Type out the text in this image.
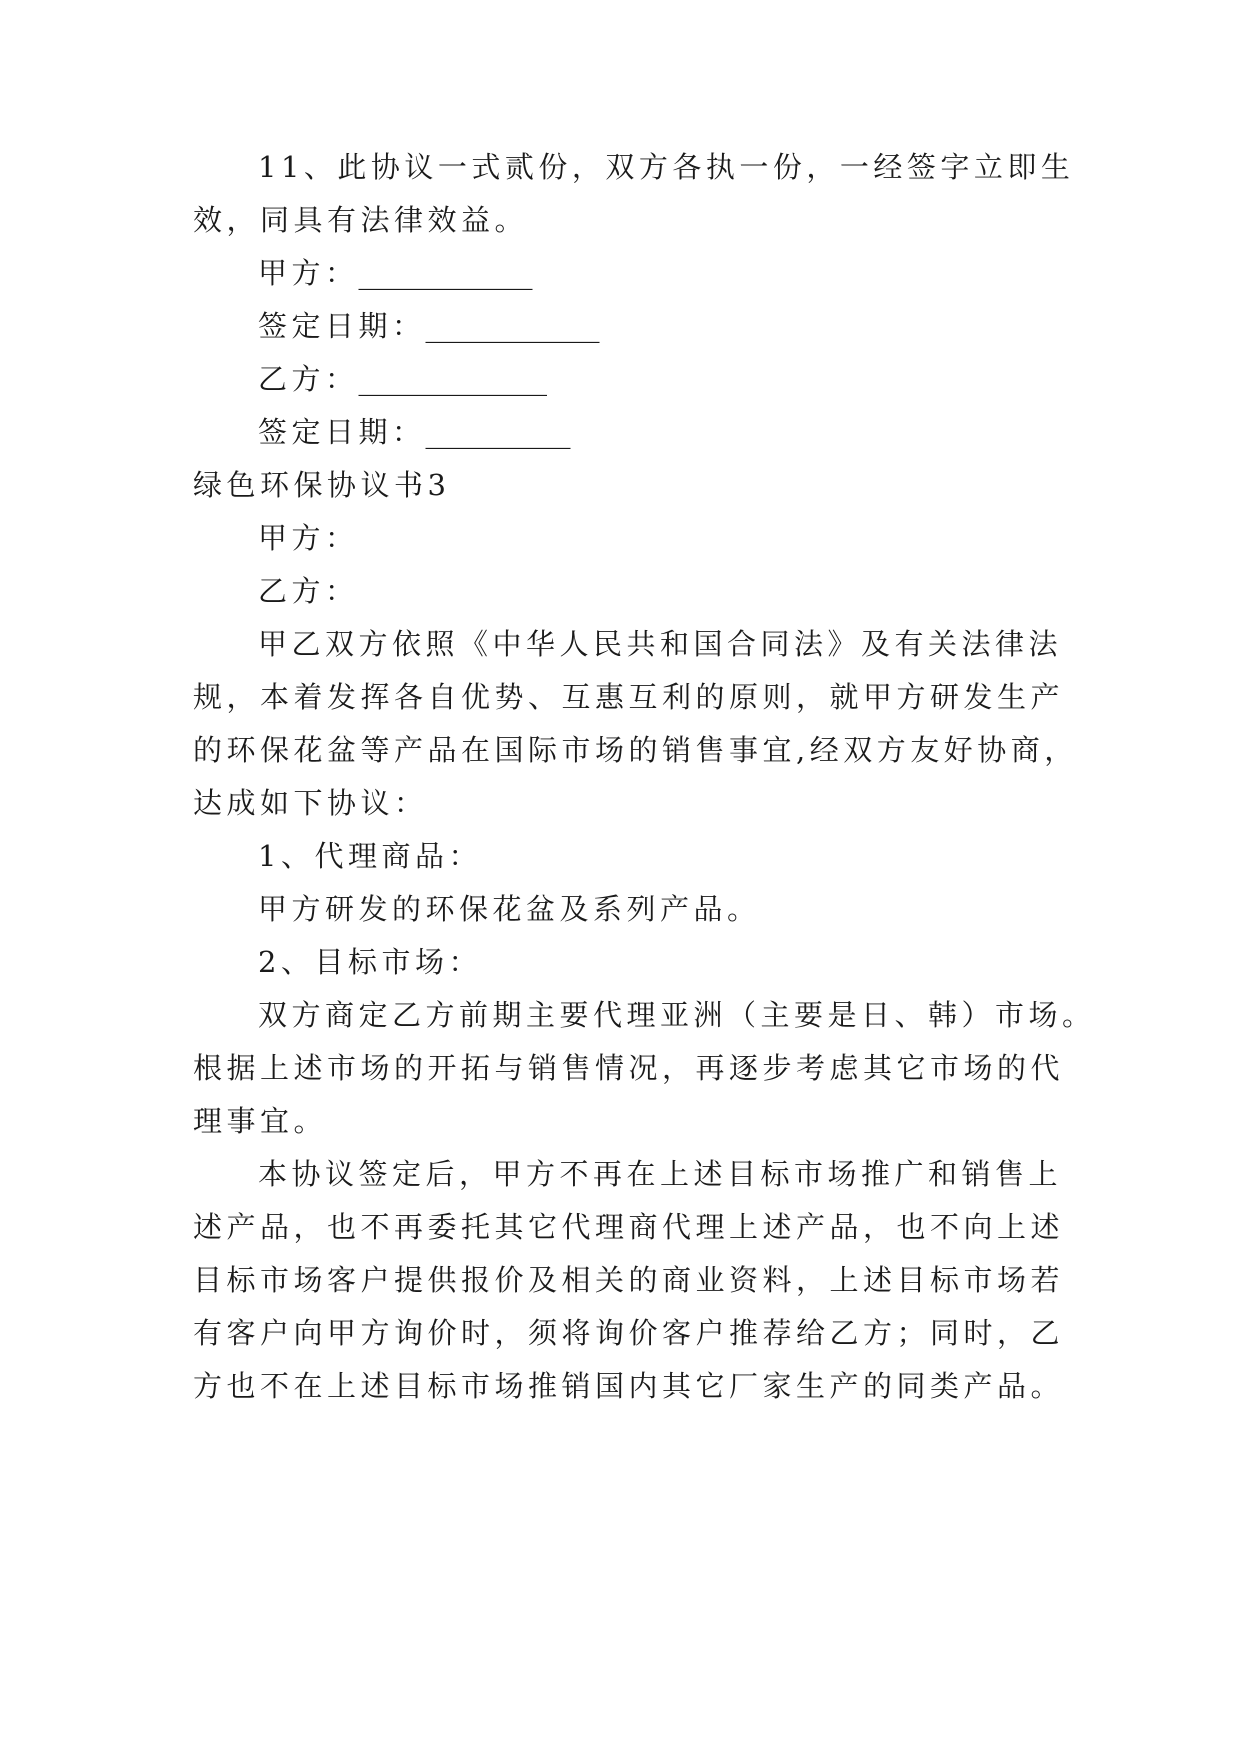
11、此协议一式贰份，双方各执一份，一经签字立即生
效，同具有法律效益。
甲方：____________
签定日期：____________
乙方：_____________
签定日期：__________
绿色环保协议书3
甲方：
乙方：
甲乙双方依照《中华人民共和国合同法》及有关法律法
规，本着发挥各自优势、互惠互利的原则，就甲方研发生产
的环保花盆等产品在国际市场的销售事宜,经双方友好协商，
达成如下协议：
1、代理商品：
甲方研发的环保花盆及系列产品。
2、目标市场：
双方商定乙方前期主要代理亚洲（主要是日、韩）市场。
根据上述市场的开拓与销售情况，再逐步考虑其它市场的代
理事宜。
本协议签定后，甲方不再在上述目标市场推广和销售上
述产品，也不再委托其它代理商代理上述产品，也不向上述
目标市场客户提供报价及相关的商业资料，上述目标市场若
有客户向甲方询价时，须将询价客户推荐给乙方；同时，乙
方也不在上述目标市场推销国内其它厂家生产的同类产品。
